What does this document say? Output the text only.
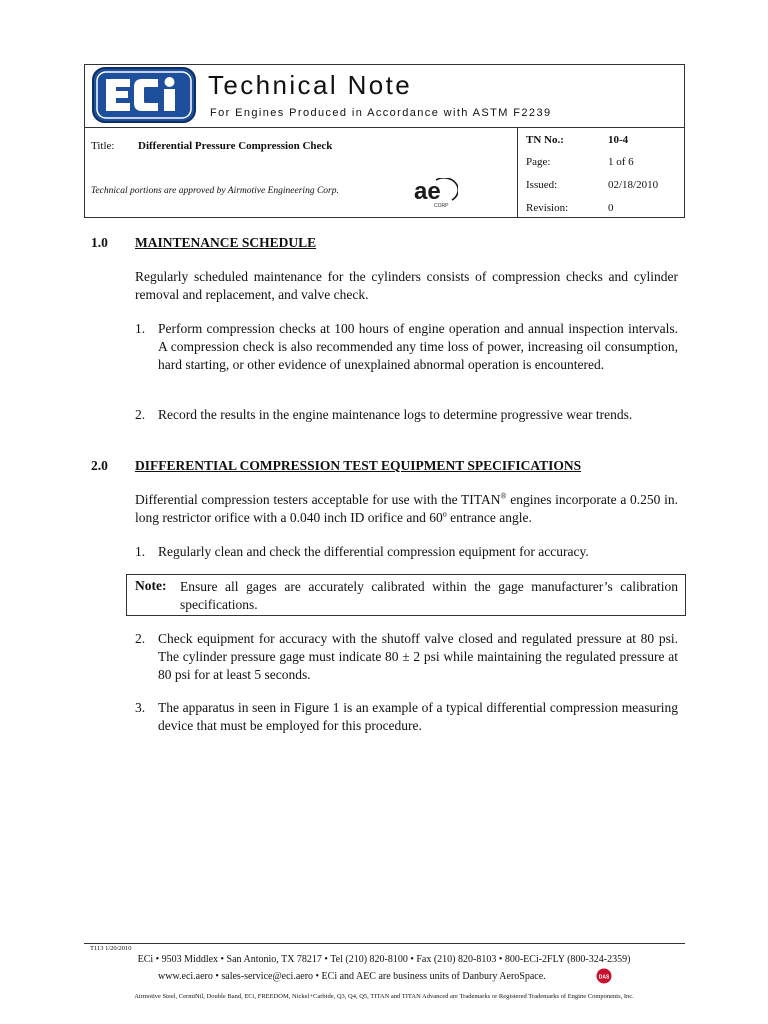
Technical Note
For Engines Produced in Accordance with ASTM F2239
Title: Differential Pressure Compression Check
Technical portions are approved by Airmotive Engineering Corp.	ae
CORP
TN No.:	10-4
Page:	1 of 6
Issued:	02/18/2010
Revision:	0
1.0 MAINTENANCE SCHEDULE
Regularly scheduled maintenance for the cylinders consists of compression checks and cylinder removal and replacement, and valve check.
1. Perform compression checks at 100 hours of engine operation and annual inspection intervals. A compression check is also recommended any time loss of power, increasing oil consumption, hard starting, or other evidence of unexplained abnormal operation is encountered.
2. Record the results in the engine maintenance logs to determine progressive wear trends.
2.0 DIFFERENTIAL COMPRESSION TEST EQUIPMENT SPECIFICATIONS
Differential compression testers acceptable for use with the TITAN® engines incorporate a 0.250 in. long restrictor orifice with a 0.040 inch ID orifice and 60$^o$ entrance angle.
1. Regularly clean and check the differential compression equipment for accuracy.
Note: Ensure all gages are accurately calibrated within the gage manufacturer’s calibration specifications.
2. Check equipment for accuracy with the shutoff valve closed and regulated pressure at 80 psi. The cylinder pressure gage must indicate 80 ± 2 psi while maintaining the regulated pressure at 80 psi for at least 5 seconds.
3. The apparatus in seen in Figure 1 is an example of a typical differential compression measuring device that must be employed for this procedure.
T113 1/20/2010
ECi • 9503 Middlex • San Antonio, TX 78217 • Tel (210) 820-8100 • Fax (210) 820-8103 • 800-ECi-2FLY (800-324-2359)
www.eci.aero • sales-service@eci.aero • ECi and AEC are business units of Danbury AeroSpace.	DAS
Airmotive Steel, CermiNil, Double Band, ECi, FREEDOM, Nickel+Carbide, Q3, Q4, Q5, TITAN and TITAN Advanced are Trademarks or Registered Trademarks of Engine Components, Inc.
